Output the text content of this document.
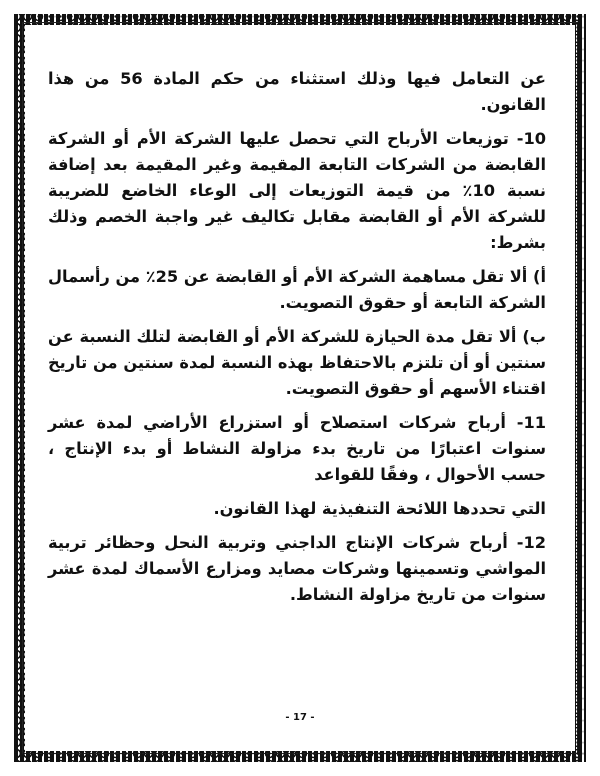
عن التعامل فيها وذلك استثناء من حكم المادة 56 من هذا القانون.

10- توزيعات الأرباح التي تحصل عليها الشركة الأم أو الشركة القابضة من الشركات التابعة المقيمة وغير المقيمة بعد إضافة نسبة 10٪ من قيمة التوزيعات إلى الوعاء الخاضع للضريبة للشركة الأم أو القابضة مقابل تكاليف غير واجبة الخصم وذلك بشرط:

أ) ألا تقل مساهمة الشركة الأم أو القابضة عن 25٪ من رأسمال الشركة التابعة أو حقوق التصويت.

ب) ألا تقل مدة الحيازة للشركة الأم أو القابضة لتلك النسبة عن سنتين أو أن تلتزم بالاحتفاظ بهذه النسبة لمدة سنتين من تاريخ اقتناء الأسهم أو حقوق التصويت.

11- أرباح شركات استصلاح أو استزراع الأراضي لمدة عشر سنوات اعتبارًا من تاريخ بدء مزاولة النشاط أو بدء الإنتاج ، حسب الأحوال ، وفقًا للقواعد

التي تحددها اللائحة التنفيذية لهذا القانون.

12- أرباح شركات الإنتاج الداجني وتربية النحل وحظائر تربية المواشي وتسمينها وشركات مصايد ومزارع الأسماك لمدة عشر سنوات من تاريخ مزاولة النشاط.

- 17 -
